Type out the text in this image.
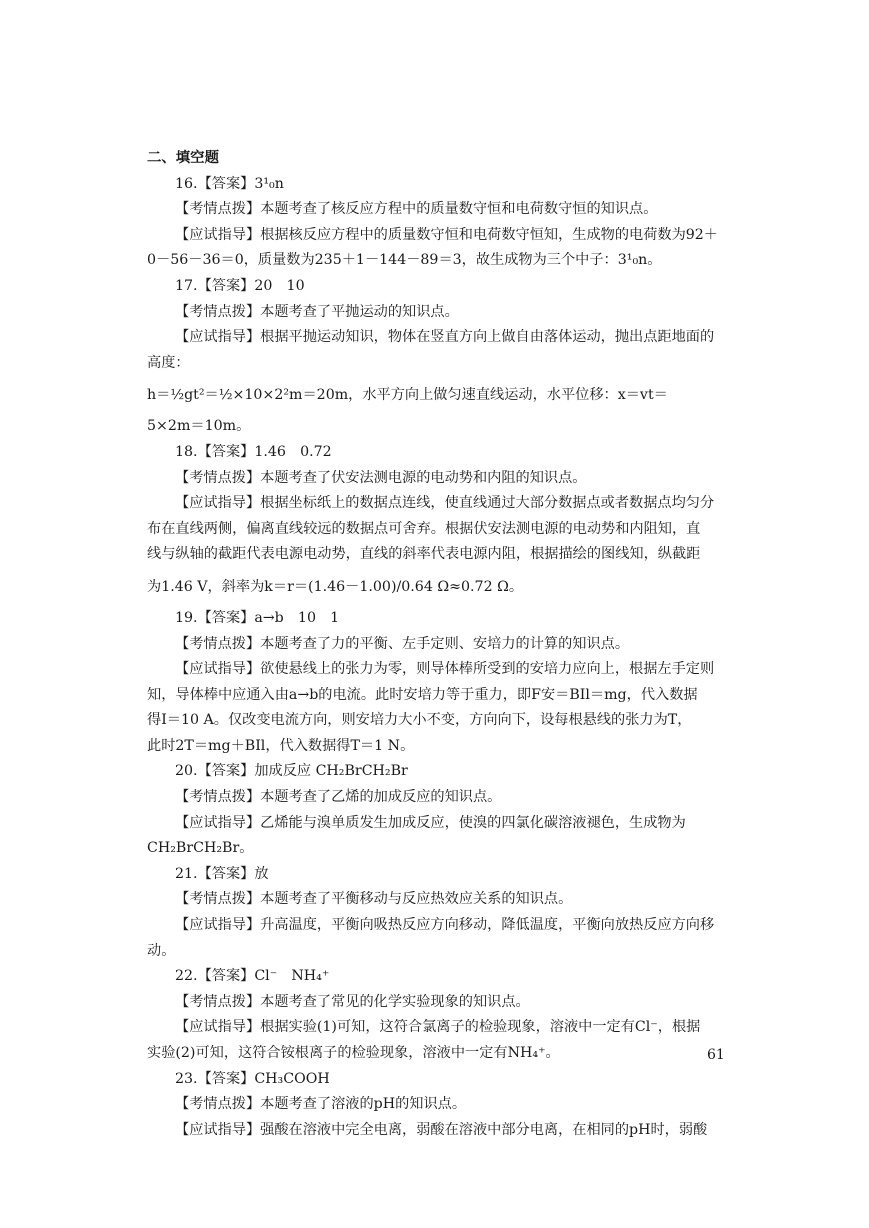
二、填空题
16.【答案】3¹₀n
【考情点拨】本题考查了核反应方程中的质量数守恒和电荷数守恒的知识点。
【应试指导】根据核反应方程中的质量数守恒和电荷数守恒知，生成物的电荷数为92＋
0－56－36＝0，质量数为235＋1－144－89＝3，故生成物为三个中子：3¹₀n。
17.【答案】20　10
【考情点拨】本题考查了平抛运动的知识点。
【应试指导】根据平抛运动知识，物体在竖直方向上做自由落体运动，抛出点距地面的
高度：
h＝½gt²＝½×10×2²m＝20m，水平方向上做匀速直线运动，水平位移：x＝vt＝
5×2m＝10m。
18.【答案】1.46　0.72
【考情点拨】本题考查了伏安法测电源的电动势和内阻的知识点。
【应试指导】根据坐标纸上的数据点连线，使直线通过大部分数据点或者数据点均匀分
布在直线两侧，偏离直线较远的数据点可舍弃。根据伏安法测电源的电动势和内阻知，直
线与纵轴的截距代表电源电动势，直线的斜率代表电源内阻，根据描绘的图线知，纵截距
为1.46 V，斜率为k＝r＝(1.46－1.00)/0.64 Ω≈0.72 Ω。
19.【答案】a→b　10　1
【考情点拨】本题考查了力的平衡、左手定则、安培力的计算的知识点。
【应试指导】欲使悬线上的张力为零，则导体棒所受到的安培力应向上，根据左手定则
知，导体棒中应通入由a→b的电流。此时安培力等于重力，即F安＝BIl＝mg，代入数据
得I＝10 A。仅改变电流方向，则安培力大小不变，方向向下，设每根悬线的张力为T，
此时2T＝mg＋BIl，代入数据得T＝1 N。
20.【答案】加成反应 CH₂BrCH₂Br
【考情点拨】本题考查了乙烯的加成反应的知识点。
【应试指导】乙烯能与溴单质发生加成反应，使溴的四氯化碳溶液褪色，生成物为
CH₂BrCH₂Br。
21.【答案】放
【考情点拨】本题考查了平衡移动与反应热效应关系的知识点。
【应试指导】升高温度，平衡向吸热反应方向移动，降低温度，平衡向放热反应方向移
动。
22.【答案】Cl⁻　NH₄⁺
【考情点拨】本题考查了常见的化学实验现象的知识点。
【应试指导】根据实验(1)可知，这符合氯离子的检验现象，溶液中一定有Cl⁻，根据
实验(2)可知，这符合铵根离子的检验现象，溶液中一定有NH₄⁺。
23.【答案】CH₃COOH
【考情点拨】本题考查了溶液的pH的知识点。
【应试指导】强酸在溶液中完全电离，弱酸在溶液中部分电离，在相同的pH时，弱酸
61
